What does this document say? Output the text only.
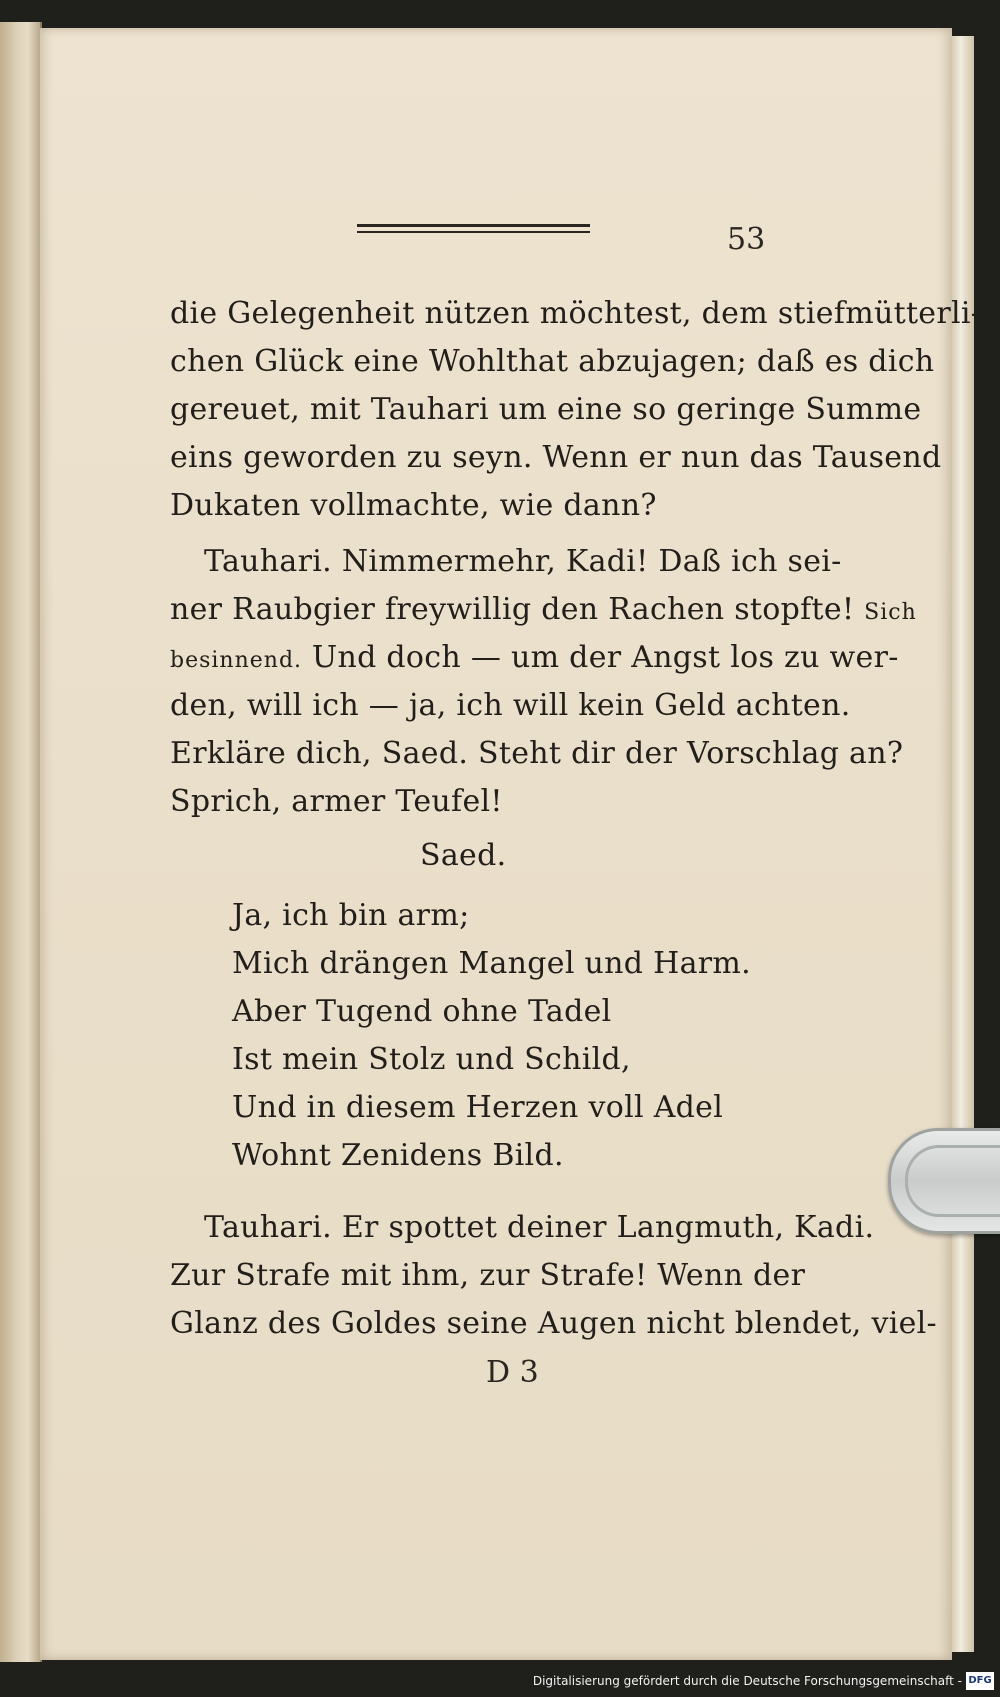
53
die Gelegenheit nützen möchtest, dem stiefmütterli-
chen Glück eine Wohlthat abzujagen; daß es dich
gereuet, mit Tauhari um eine so geringe Summe
eins geworden zu seyn. Wenn er nun das Tausend
Dukaten vollmachte, wie dann?
Tauhari. Nimmermehr, Kadi! Daß ich sei-
ner Raubgier freywillig den Rachen stopfte! Sich
besinnend. Und doch — um der Angst los zu wer-
den, will ich — ja, ich will kein Geld achten.
Erkläre dich, Saed. Steht dir der Vorschlag an?
Sprich, armer Teufel!
Saed.
Ja, ich bin arm;
Mich drängen Mangel und Harm.
Aber Tugend ohne Tadel
Ist mein Stolz und Schild,
Und in diesem Herzen voll Adel
Wohnt Zenidens Bild.
Tauhari. Er spottet deiner Langmuth, Kadi.
Zur Strafe mit ihm, zur Strafe! Wenn der
Glanz des Goldes seine Augen nicht blendet, viel-
D 3
Digitalisierung gefördert durch die Deutsche Forschungsgemeinschaft - DFG
